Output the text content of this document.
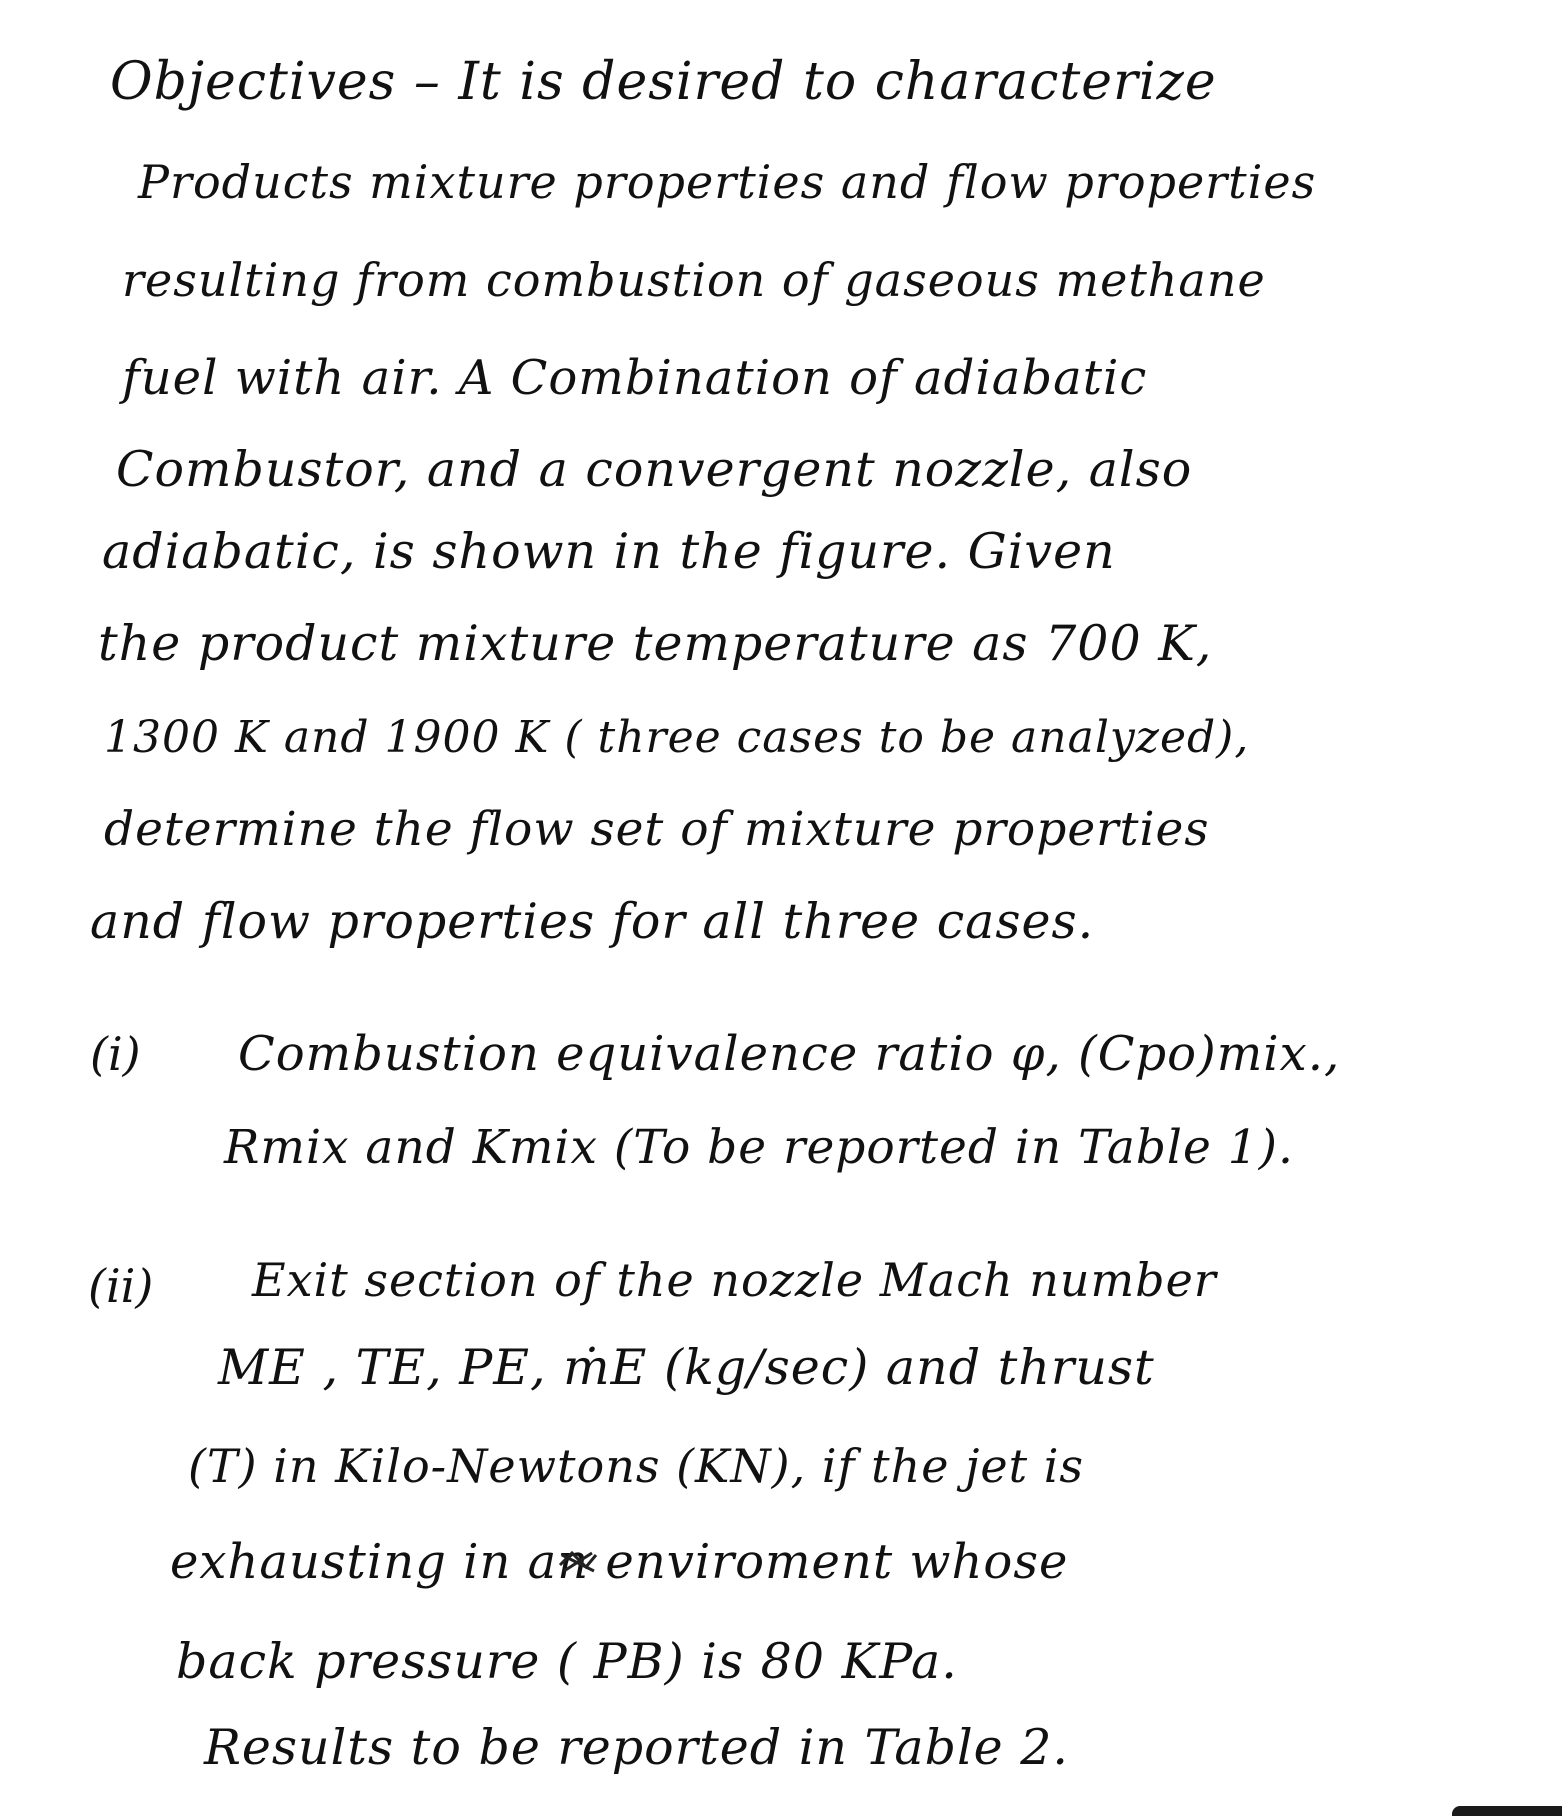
Objectives – It is desired to characterize
Products mixture properties and flow properties
resulting from combustion of gaseous methane
fuel with air. A Combination of adiabatic
Combustor, and a convergent nozzle, also
adiabatic, is shown in the figure. Given
the product mixture temperature as 700 K,
1300 K and 1900 K ( three cases to be analyzed),
determine the flow set of mixture properties
and flow properties for all three cases.
(i) Combustion equivalence ratio φ, (Cpo)mix.,
Rmix and Kmix (To be reported in Table 1).
(ii) Exit section of the nozzle Mach number
ME , TE, PE, ṁE (kg/sec) and thrust
(T) in Kilo-Newtons (KN), if the jet is
exhausting in an enviroment whose
back pressure ( PB) is 80 KPa.
Results to be reported in Table 2.
